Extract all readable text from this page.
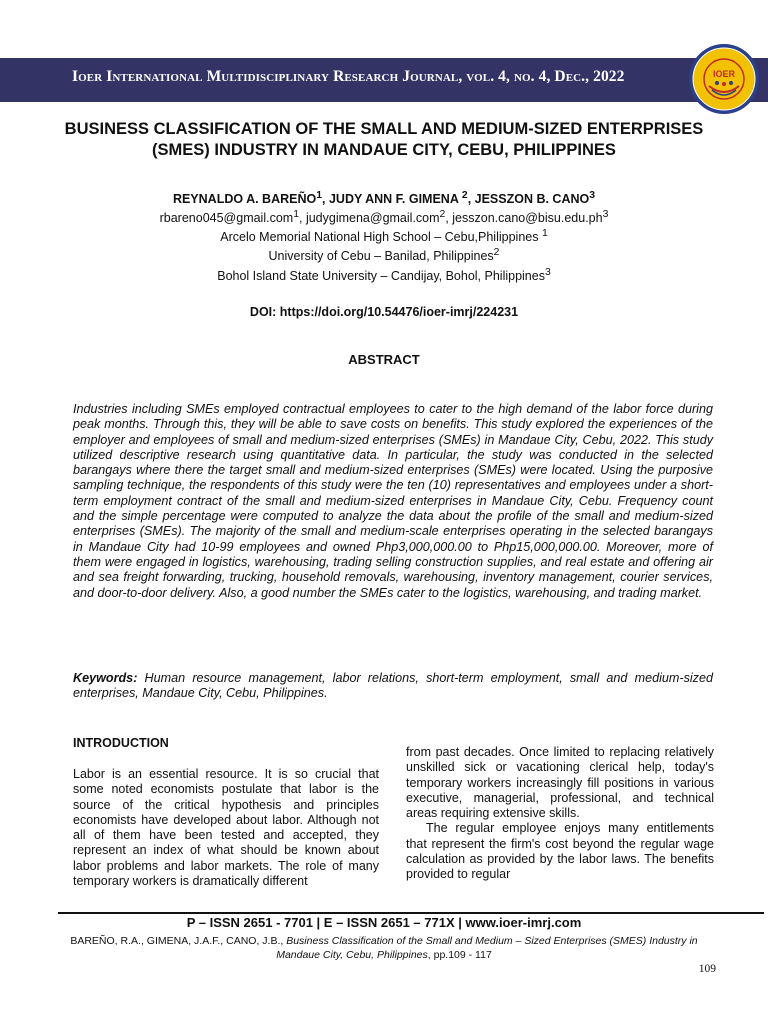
Ioer International Multidisciplinary Research Journal, vol. 4, no. 4, Dec., 2022	IOER
BUSINESS CLASSIFICATION OF THE SMALL AND MEDIUM-SIZED ENTERPRISES (SMES) INDUSTRY IN MANDAUE CITY, CEBU, PHILIPPINES
REYNALDO A. BAREÑO$^1$, JUDY ANN F. GIMENA $^2$, JESSZON B. CANO$^3$
rbareno045@gmail.com$^1$, judygimena@gmail.com$^2$, $jesszon.cano@bisu.edu.ph^3$
Arcelo Memorial National High School – Cebu,Philippines $^1$
University of Cebu – Banilad, Philippines$^2$
Bohol Island State University – Candijay, Bohol, Philippines$^3$
DOI: https://doi.org/10.54476/ioer-imrj/224231
ABSTRACT

Industries including SMEs employed contractual employees to cater to the high demand of the labor force during peak months. Through this, they will be able to save costs on benefits. This study explored the experiences of the employer and employees of small and medium-sized enterprises (SMEs) in Mandaue City, Cebu, 2022. This study utilized descriptive research using quantitative data. In particular, the study was conducted in the selected barangays where there the target small and medium-sized enterprises (SMEs) were located. Using the purposive sampling technique, the respondents of this study were the ten (10) representatives and employees under a short-term employment contract of the small and medium-sized enterprises in Mandaue City, Cebu. Frequency count and the simple percentage were computed to analyze the data about the profile of the small and medium-sized enterprises (SMEs). The majority of the small and medium-scale enterprises operating in the selected barangays in Mandaue City had 10-99 employees and owned Php3,000,000.00 to Php15,000,000.00. Moreover, more of them were engaged in logistics, warehousing, trading selling construction supplies, and real estate and offering air and sea freight forwarding, trucking, household removals, warehousing, inventory management, courier services, and door-to-door delivery. Also, a good number the SMEs cater to the logistics, warehousing, and trading market.

Keywords: Human resource management, labor relations, short-term employment, small and medium-sized enterprises, Mandaue City, Cebu, Philippines.

INTRODUCTION

Labor is an essential resource. It is so crucial that some noted economists postulate that labor is the source of the critical hypothesis and principles economists have developed about labor. Although not all of them have been tested and accepted, they represent an index of what should be known about labor problems and labor markets. The role of many temporary workers is dramatically different

from past decades. Once limited to replacing relatively unskilled sick or vacationing clerical help, today's temporary workers increasingly fill positions in various executive, managerial, professional, and technical areas requiring extensive skills.

The regular employee enjoys many entitlements that represent the firm's cost beyond the regular wage calculation as provided by the labor laws. The benefits provided to regular

P – ISSN 2651 - 7701 | E – ISSN 2651 – 771X | www.ioer-imrj.com
BAREÑO, R.A., GIMENA, J.A.F., CANO, J.B., Business Classification of the Small and Medium – Sized Enterprises (SMES) Industry in Mandaue City, Cebu, Philippines, pp.109 - 117
109
